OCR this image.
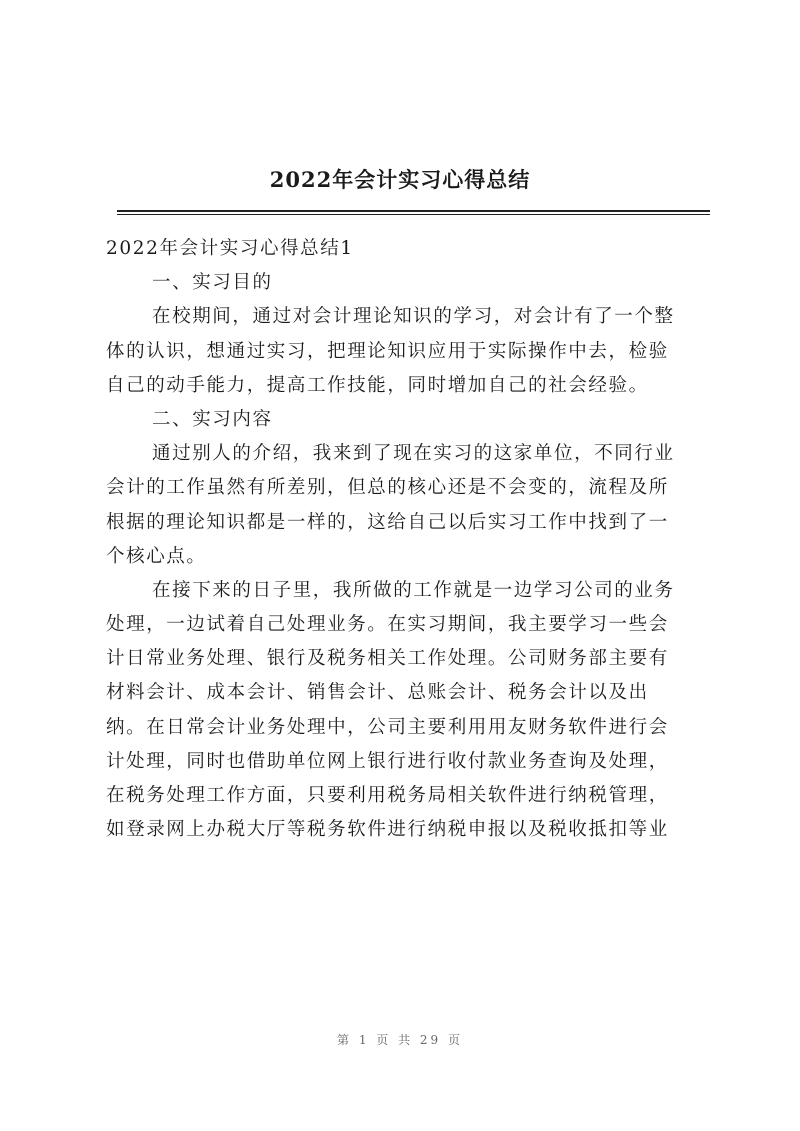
2022年会计实习心得总结
2022年会计实习心得总结1
一、实习目的
在校期间，通过对会计理论知识的学习，对会计有了一个整
体的认识，想通过实习，把理论知识应用于实际操作中去，检验
自己的动手能力，提高工作技能，同时增加自己的社会经验。
二、实习内容
通过别人的介绍，我来到了现在实习的这家单位，不同行业
会计的工作虽然有所差别，但总的核心还是不会变的，流程及所
根据的理论知识都是一样的，这给自己以后实习工作中找到了一
个核心点。
在接下来的日子里，我所做的工作就是一边学习公司的业务
处理，一边试着自己处理业务。在实习期间，我主要学习一些会
计日常业务处理、银行及税务相关工作处理。公司财务部主要有
材料会计、成本会计、销售会计、总账会计、税务会计以及出
纳。在日常会计业务处理中，公司主要利用用友财务软件进行会
计处理，同时也借助单位网上银行进行收付款业务查询及处理，
在税务处理工作方面，只要利用税务局相关软件进行纳税管理，
如登录网上办税大厅等税务软件进行纳税申报以及税收抵扣等业
第 1 页 共 29 页
